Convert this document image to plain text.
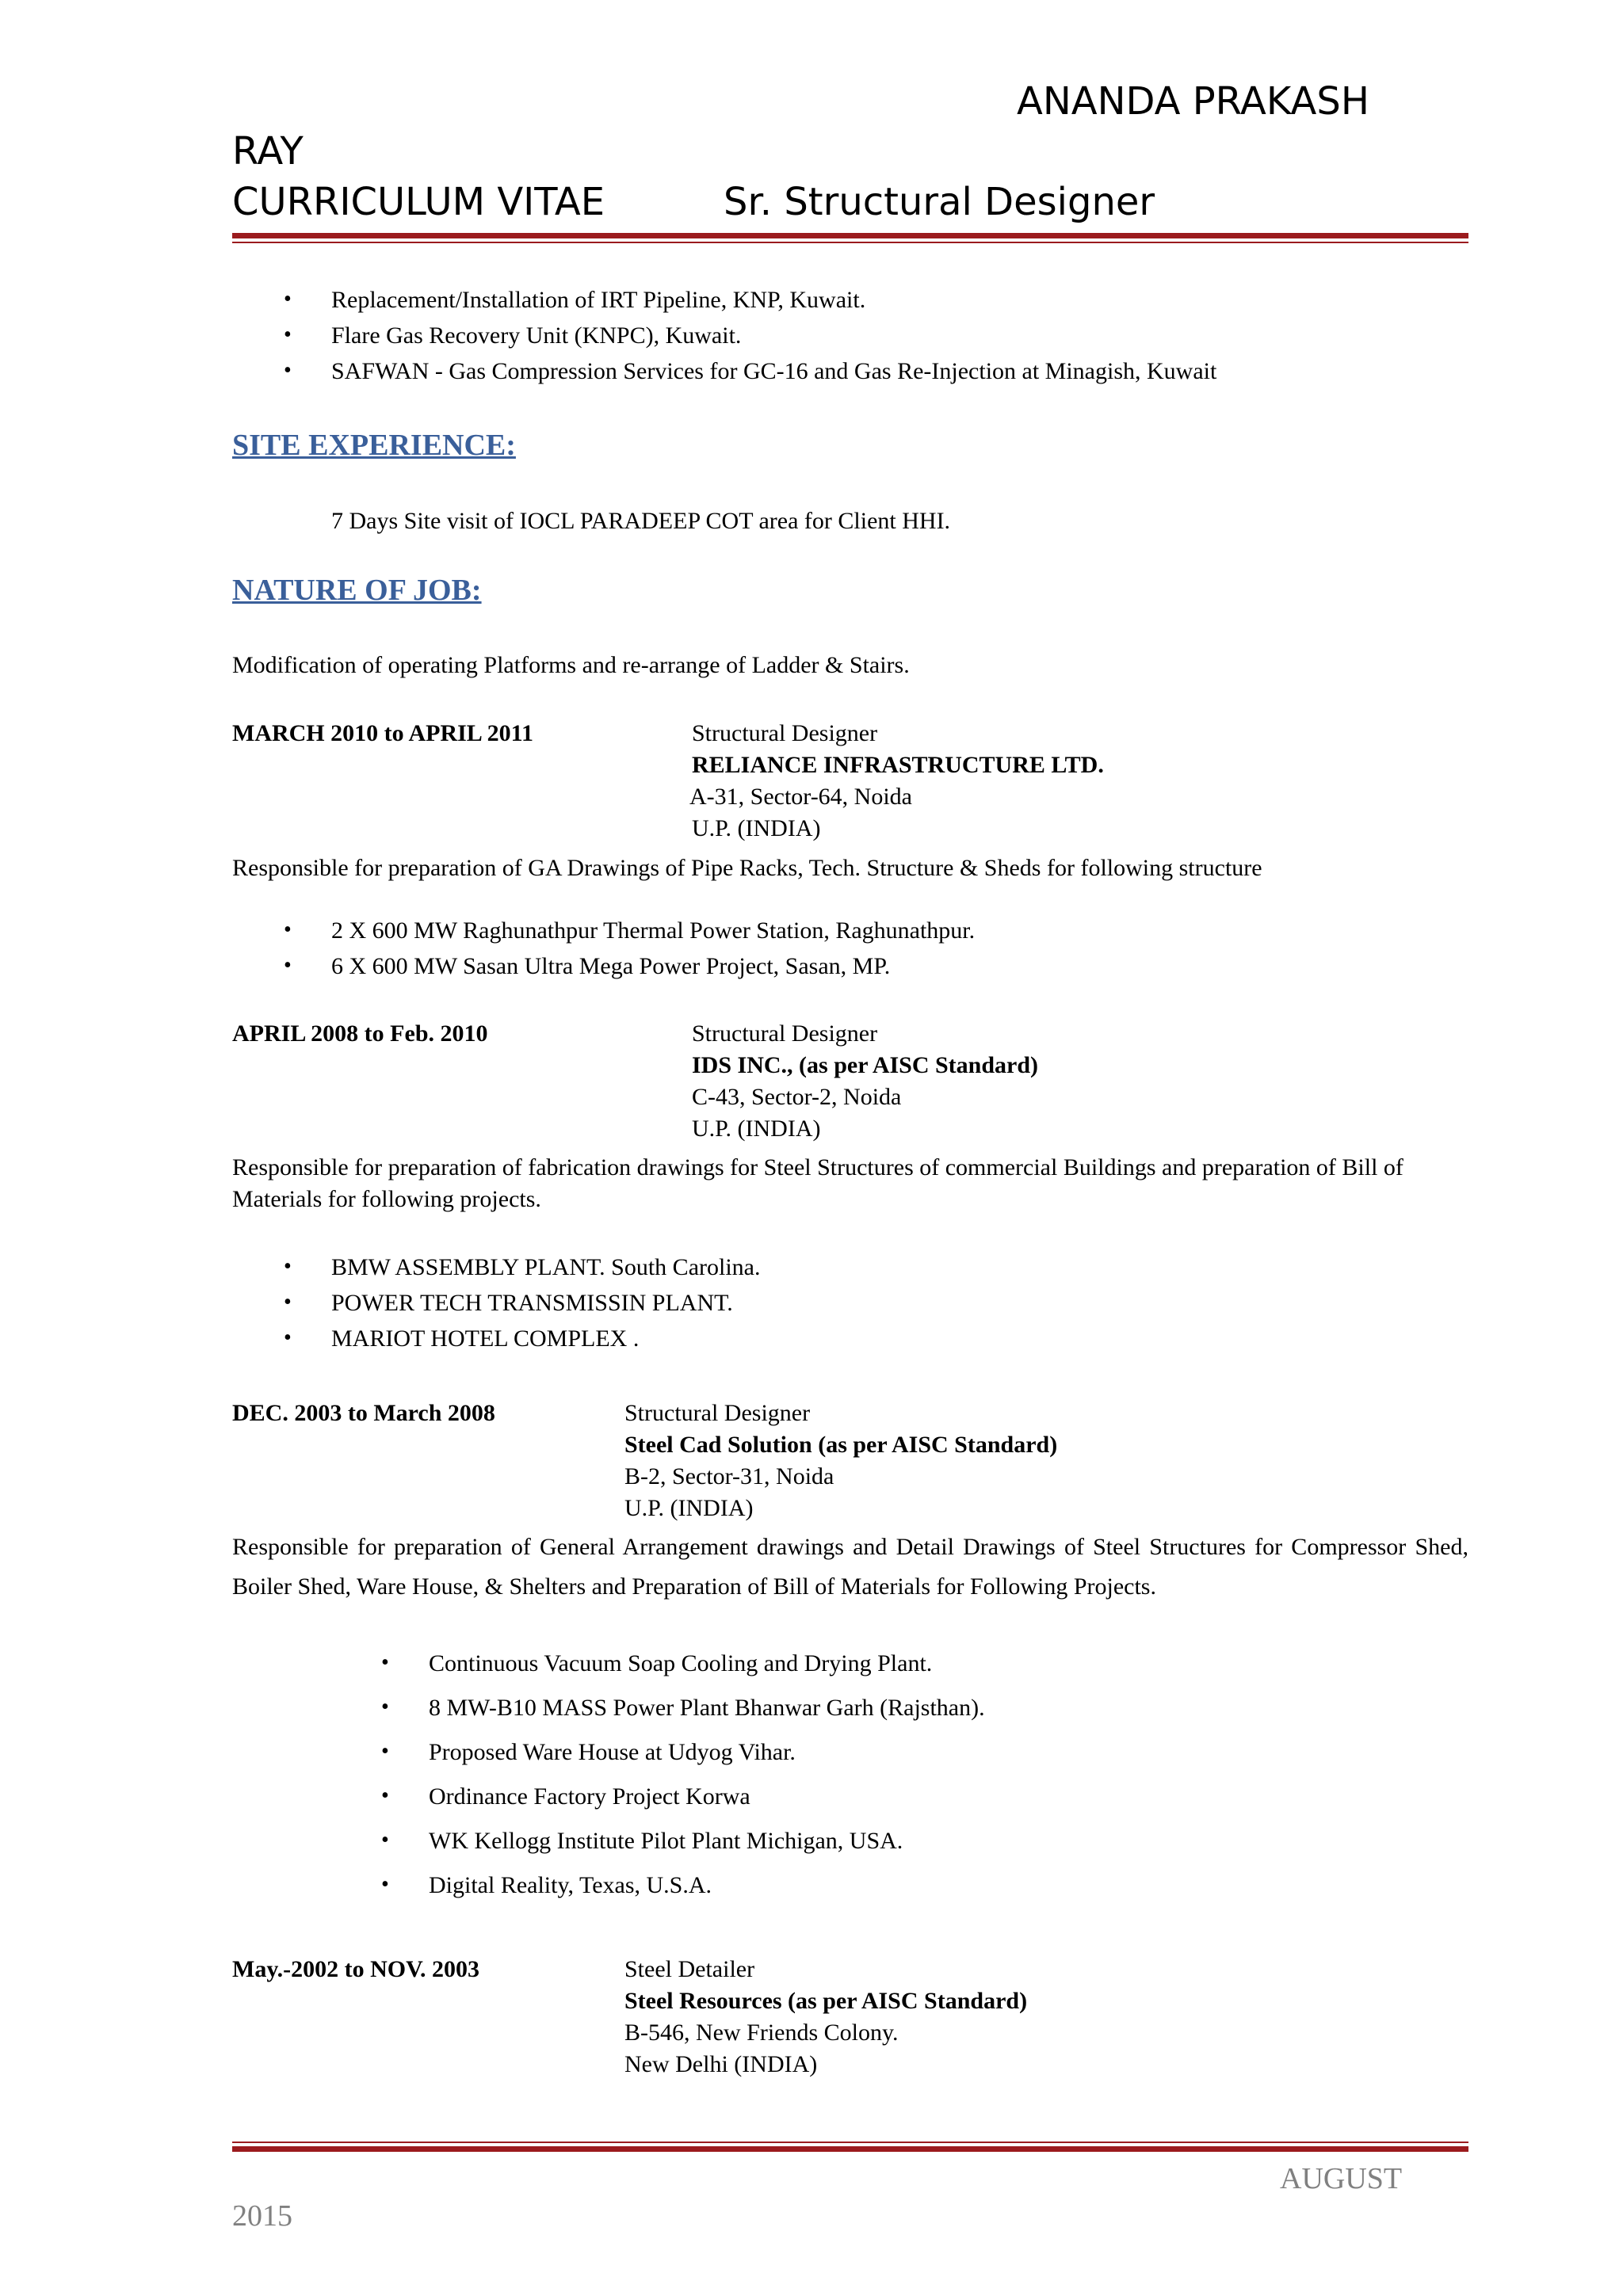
ANANDA PRAKASH
RAY
CURRICULUM VITAE	Sr. Structural Designer
• Replacement/Installation of IRT Pipeline, KNP, Kuwait.
• Flare Gas Recovery Unit (KNPC), Kuwait.
• SAFWAN - Gas Compression Services for GC-16 and Gas Re-Injection at Minagish, Kuwait
SITE EXPERIENCE:
7 Days Site visit of IOCL PARADEEP COT area for Client HHI.
NATURE OF JOB:
Modification of operating Platforms and re-arrange of Ladder & Stairs.
MARCH 2010 to APRIL 2011	Structural Designer
RELIANCE INFRASTRUCTURE LTD.
A-31, Sector-64, Noida
U.P. (INDIA)
Responsible for preparation of GA Drawings of Pipe Racks, Tech. Structure & Sheds for following structure
• 2 X 600 MW Raghunathpur Thermal Power Station, Raghunathpur.
• 6 X 600 MW Sasan Ultra Mega Power Project, Sasan, MP.
APRIL 2008 to Feb. 2010	Structural Designer
IDS INC., (as per AISC Standard)
C-43, Sector-2, Noida
U.P. (INDIA)
Responsible for preparation of fabrication drawings for Steel Structures of commercial Buildings and preparation of Bill of Materials for following projects.
• BMW ASSEMBLY PLANT. South Carolina.
• POWER TECH TRANSMISSIN PLANT.
• MARIOT HOTEL COMPLEX .
DEC. 2003 to March 2008	Structural Designer
Steel Cad Solution (as per AISC Standard)
B-2, Sector-31, Noida
U.P. (INDIA)
Responsible for preparation of General Arrangement drawings and Detail Drawings of Steel Structures for Compressor Shed, Boiler Shed, Ware House, & Shelters and Preparation of Bill of Materials for Following Projects.
• Continuous Vacuum Soap Cooling and Drying Plant.
• 8 MW-B10 MASS Power Plant Bhanwar Garh (Rajsthan).
• Proposed Ware House at Udyog Vihar.
• Ordinance Factory Project Korwa
• WK Kellogg Institute Pilot Plant Michigan, USA.
• Digital Reality, Texas, U.S.A.
May.-2002 to NOV. 2003	Steel Detailer
Steel Resources (as per AISC Standard)
B-546, New Friends Colony.
New Delhi (INDIA)
AUGUST
2015
